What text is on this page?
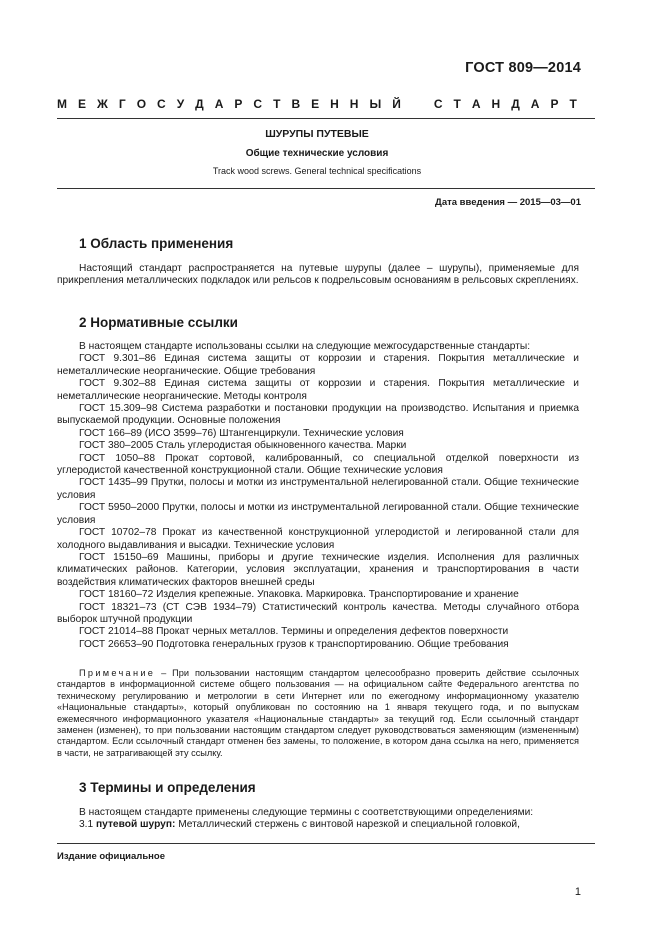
ГОСТ 809—2014
М Е Ж Г О С У Д А Р С Т В Е Н Н Ы Й	С Т А Н Д А Р Т
ШУРУПЫ ПУТЕВЫЕ
Общие технические условия
Track wood screws. General technical specifications
Дата введения — 2015—03—01
1 Область применения

Настоящий стандарт распространяется на путевые шурупы (далее – шурупы), применяемые для прикрепления металлических подкладок или рельсов к подрельсовым основаниям в рельсовых скреплениях.

2 Нормативные ссылки

В настоящем стандарте использованы ссылки на следующие межгосударственные стандарты:

ГОСТ 9.301–86 Единая система защиты от коррозии и старения. Покрытия металлические и неметаллические неорганические. Общие требования

ГОСТ 9.302–88 Единая система защиты от коррозии и старения. Покрытия металлические и неметаллические неорганические. Методы контроля

ГОСТ 15.309–98 Система разработки и постановки продукции на производство. Испытания и приемка выпускаемой продукции. Основные положения

ГОСТ 166–89 (ИСО 3599–76) Штангенциркули. Технические условия

ГОСТ 380–2005 Сталь углеродистая обыкновенного качества. Марки

ГОСТ 1050–88 Прокат сортовой, калиброванный, со специальной отделкой поверхности из углеродистой качественной конструкционной стали. Общие технические условия

ГОСТ 1435–99 Прутки, полосы и мотки из инструментальной нелегированной стали. Общие технические условия

ГОСТ 5950–2000 Прутки, полосы и мотки из инструментальной легированной стали. Общие технические условия

ГОСТ 10702–78 Прокат из качественной конструкционной углеродистой и легированной стали для холодного выдавливания и высадки. Технические условия

ГОСТ 15150–69 Машины, приборы и другие технические изделия. Исполнения для различных климатических районов. Категории, условия эксплуатации, хранения и транспортирования в части воздействия климатических факторов внешней среды

ГОСТ 18160–72 Изделия крепежные. Упаковка. Маркировка. Транспортирование и хранение

ГОСТ 18321–73 (СТ СЭВ 1934–79) Статистический контроль качества. Методы случайного отбора выборок штучной продукции

ГОСТ 21014–88 Прокат черных металлов. Термины и определения дефектов поверхности

ГОСТ 26653–90 Подготовка генеральных грузов к транспортированию. Общие требования

Примечание – При пользовании настоящим стандартом целесообразно проверить действие ссылочных стандартов в информационной системе общего пользования — на официальном сайте Федерального агентства по техническому регулированию и метрологии в сети Интернет или по ежегодному информационному указателю «Национальные стандарты», который опубликован по состоянию на 1 января текущего года, и по выпускам ежемесячного информационного указателя «Национальные стандарты» за текущий год. Если ссылочный стандарт заменен (изменен), то при пользовании настоящим стандартом следует руководствоваться заменяющим (измененным) стандартом. Если ссылочный стандарт отменен без замены, то положение, в котором дана ссылка на него, применяется в части, не затрагивающей эту ссылку.

3 Термины и определения

В настоящем стандарте применены следующие термины с соответствующими определениями:

3.1 путевой шуруп: Металлический стержень с винтовой нарезкой и специальной головкой,

Издание официальное
1
